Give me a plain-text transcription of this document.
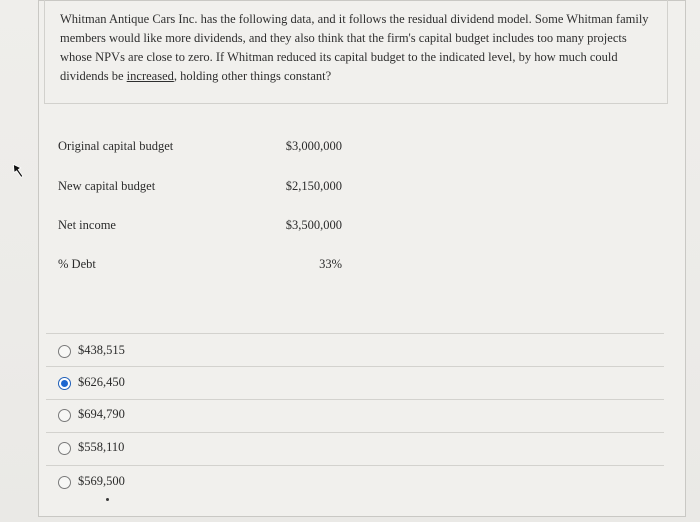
Whitman Antique Cars Inc. has the following data, and it follows the residual dividend model. Some Whitman family members would like more dividends, and they also think that the firm's capital budget includes too many projects whose NPVs are close to zero. If Whitman reduced its capital budget to the indicated level, by how much could dividends be increased, holding other things constant?
Original capital budget	$3,000,000
New capital budget	$2,150,000
Net income	$3,500,000
% Debt	33%
$438,515
$626,450
$694,790
$558,110
$569,500
